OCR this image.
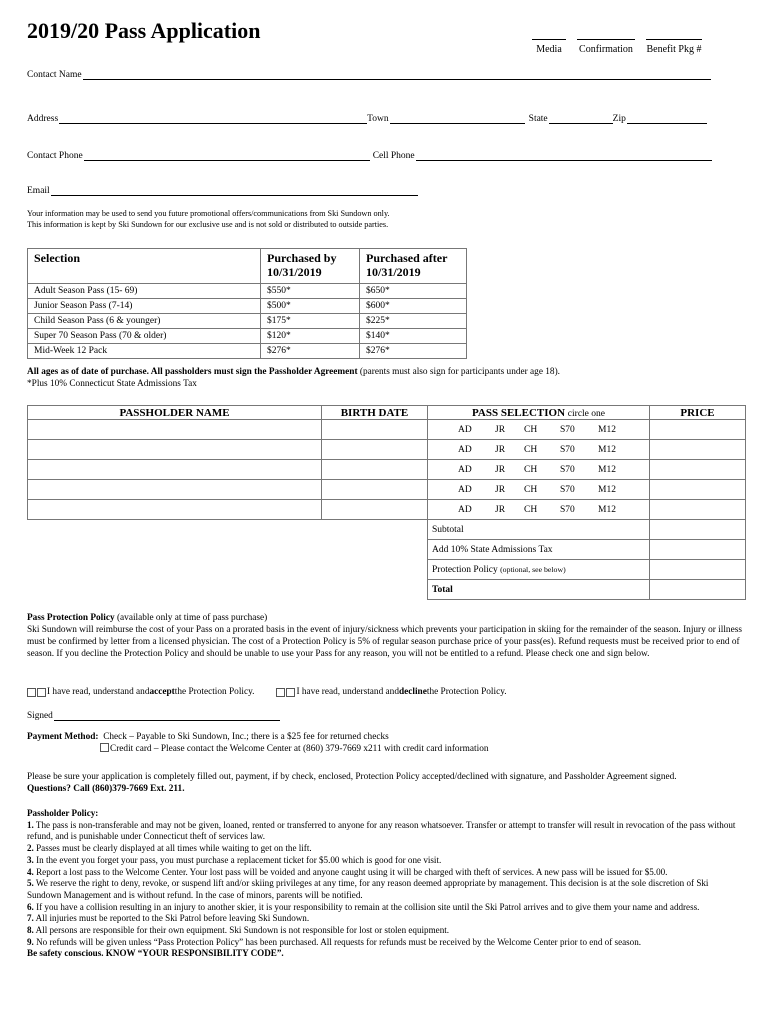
2019/20 Pass Application
Media	Confirmation Benefit Pkg #
Contact Name
Address	Town	State	Zip
Contact Phone	Cell Phone
Email
Your information may be used to send you future promotional offers/communications from Ski Sundown only.
This information is kept by Ski Sundown for our exclusive use and is not sold or distributed to outside parties.
Selection	Purchased by 10/31/2019	Purchased after 10/31/2019
Adult Season Pass (15- 69)	$550*	$650*
Junior Season Pass (7-14)	$500*	$600*
Child Season Pass (6 & younger)	$175*	$225*
Super 70 Season Pass (70 & older)	$120*	$140*
Mid-Week 12 Pack	$276*	$276*
All ages as of date of purchase. All passholders must sign the Passholder Agreement (parents must also sign for participants under age 18).
*Plus 10% Connecticut State Admissions Tax
PASSHOLDER NAME	BIRTH DATE	PASS SELECTION circle one	PRICE

		AD JR CH S70 M12	

		AD JR CH S70 M12	

		AD JR CH S70 M12	

		AD JR CH S70 M12	

		AD JR CH S70 M12	

		Subtotal	
		Add 10% State Admissions Tax	
		Protection Policy (optional, see below)	
		Total	
Pass Protection Policy (available only at time of pass purchase)
Ski Sundown will reimburse the cost of your Pass on a prorated basis in the event of injury/sickness which prevents your participation in skiing for the remainder of the season. Injury or illness must be confirmed by letter from a licensed physician. The cost of a Protection Policy is 5% of regular season purchase price of your pass(es). Refund requests must be received prior to end of season. If you decline the Protection Policy and should be unable to use your Pass for any reason, you will not be entitled to a refund. Please check one and sign below.
I have read, understand and accept the Protection Policy.	I have read, understand and decline the Protection Policy.
Signed
Payment Method: Check – Payable to Ski Sundown, Inc.; there is a $25 fee for returned checks
Credit card – Please contact the Welcome Center at (860) 379-7669 x211 with credit card information
Please be sure your application is completely filled out, payment, if by check, enclosed, Protection Policy accepted/declined with signature, and Passholder Agreement signed.
Questions? Call (860)379-7669 Ext. 211.
Passholder Policy:

1. The pass is non-transferable and may not be given, loaned, rented or transferred to anyone for any reason whatsoever. Transfer or attempt to transfer will result in revocation of the pass without refund, and is punishable under Connecticut theft of services law.
2. Passes must be clearly displayed at all times while waiting to get on the lift.
3. In the event you forget your pass, you must purchase a replacement ticket for $5.00 which is good for one visit.
4. Report a lost pass to the Welcome Center. Your lost pass will be voided and anyone caught using it will be charged with theft of services. A new pass will be issued for $5.00.
5. We reserve the right to deny, revoke, or suspend lift and/or skiing privileges at any time, for any reason deemed appropriate by management. This decision is at the sole discretion of Ski Sundown Management and is without refund. In the case of minors, parents will be notified.
6. If you have a collision resulting in an injury to another skier, it is your responsibility to remain at the collision site until the Ski Patrol arrives and to give them your name and address.
7. All injuries must be reported to the Ski Patrol before leaving Ski Sundown.
8. All persons are responsible for their own equipment. Ski Sundown is not responsible for lost or stolen equipment.
9. No refunds will be given unless “Pass Protection Policy” has been purchased. All requests for refunds must be received by the Welcome Center prior to end of season.
Be safety conscious. KNOW “YOUR RESPONSIBILITY CODE”.
